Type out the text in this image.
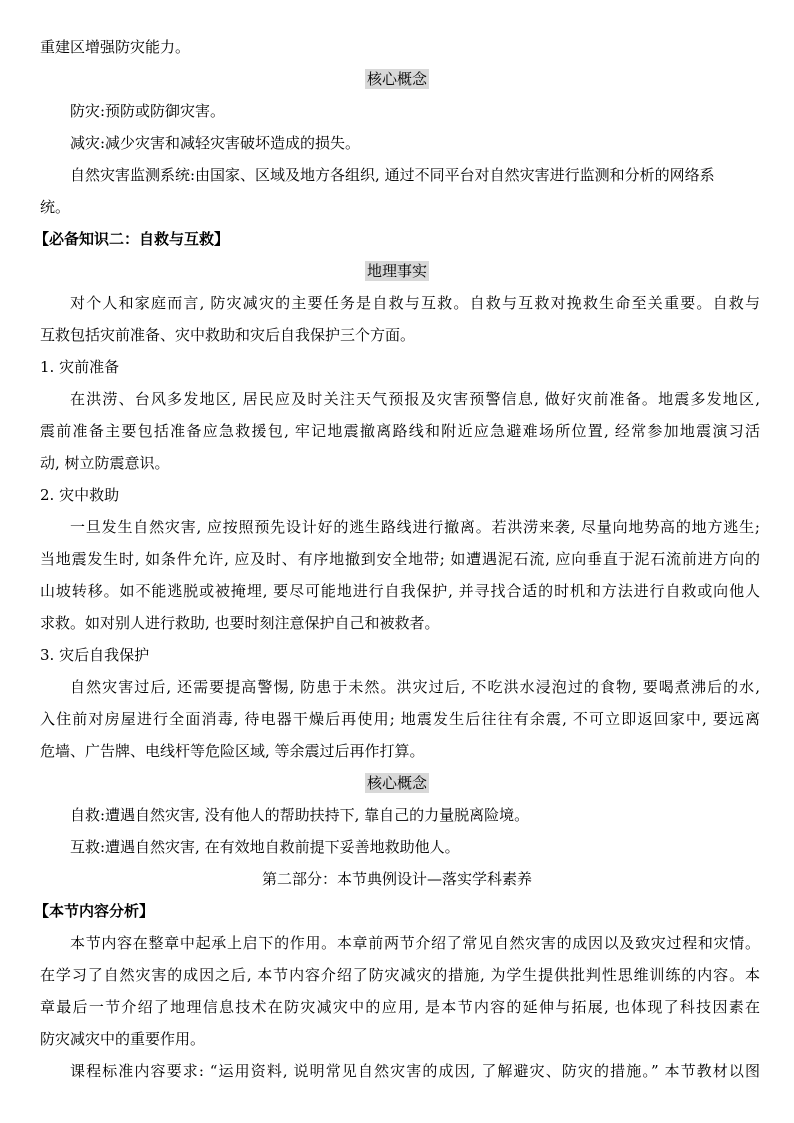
重建区增强防灾能力。
核心概念
防灾:预防或防御灾害。
减灾:减少灾害和减轻灾害破坏造成的损失。
自然灾害监测系统:由国家、区域及地方各组织, 通过不同平台对自然灾害进行监测和分析的网络系
统。
【必备知识二：自救与互救】
地理事实
对个人和家庭而言, 防灾减灾的主要任务是自救与互救。自救与互救对挽救生命至关重要。自救与
互救包括灾前准备、灾中救助和灾后自我保护三个方面。
1. 灾前准备
在洪涝、台风多发地区, 居民应及时关注天气预报及灾害预警信息, 做好灾前准备。地震多发地区,
震前准备主要包括准备应急救援包, 牢记地震撤离路线和附近应急避难场所位置, 经常参加地震演习活
动, 树立防震意识。
2. 灾中救助
一旦发生自然灾害, 应按照预先设计好的逃生路线进行撤离。若洪涝来袭, 尽量向地势高的地方逃生;
当地震发生时, 如条件允许, 应及时、有序地撤到安全地带; 如遭遇泥石流, 应向垂直于泥石流前进方向的
山坡转移。如不能逃脱或被掩埋, 要尽可能地进行自我保护, 并寻找合适的时机和方法进行自救或向他人
求救。如对别人进行救助, 也要时刻注意保护自己和被救者。
3. 灾后自我保护
自然灾害过后, 还需要提高警惕, 防患于未然。洪灾过后, 不吃洪水浸泡过的食物, 要喝煮沸后的水,
入住前对房屋进行全面消毒, 待电器干燥后再使用; 地震发生后往往有余震, 不可立即返回家中, 要远离
危墙、广告牌、电线杆等危险区域, 等余震过后再作打算。
核心概念
自救:遭遇自然灾害, 没有他人的帮助扶持下, 靠自己的力量脱离险境。
互救:遭遇自然灾害, 在有效地自救前提下妥善地救助他人。
第二部分：本节典例设计—落实学科素养
【本节内容分析】
本节内容在整章中起承上启下的作用。本章前两节介绍了常见自然灾害的成因以及致灾过程和灾情。
在学习了自然灾害的成因之后, 本节内容介绍了防灾减灾的措施, 为学生提供批判性思维训练的内容。本
章最后一节介绍了地理信息技术在防灾减灾中的应用, 是本节内容的延伸与拓展, 也体现了科技因素在
防灾减灾中的重要作用。
课程标准内容要求: “运用资料, 说明常见自然灾害的成因, 了解避灾、防灾的措施。” 本节教材以图
